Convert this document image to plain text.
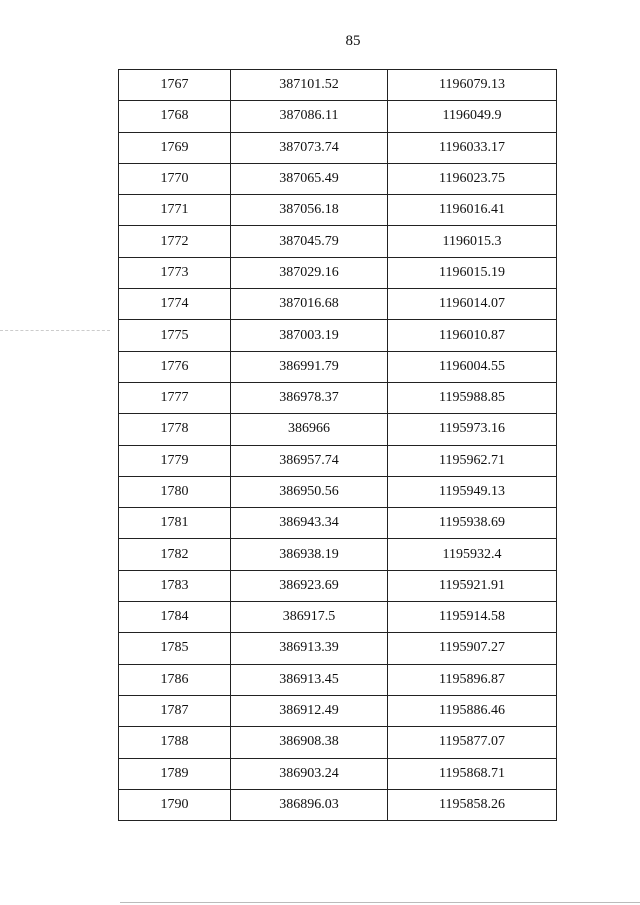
85
1767	387101.52	1196079.13
1768	387086.11	1196049.9
1769	387073.74	1196033.17
1770	387065.49	1196023.75
1771	387056.18	1196016.41
1772	387045.79	1196015.3
1773	387029.16	1196015.19
1774	387016.68	1196014.07
1775	387003.19	1196010.87
1776	386991.79	1196004.55
1777	386978.37	1195988.85
1778	386966	1195973.16
1779	386957.74	1195962.71
1780	386950.56	1195949.13
1781	386943.34	1195938.69
1782	386938.19	1195932.4
1783	386923.69	1195921.91
1784	386917.5	1195914.58
1785	386913.39	1195907.27
1786	386913.45	1195896.87
1787	386912.49	1195886.46
1788	386908.38	1195877.07
1789	386903.24	1195868.71
1790	386896.03	1195858.26
